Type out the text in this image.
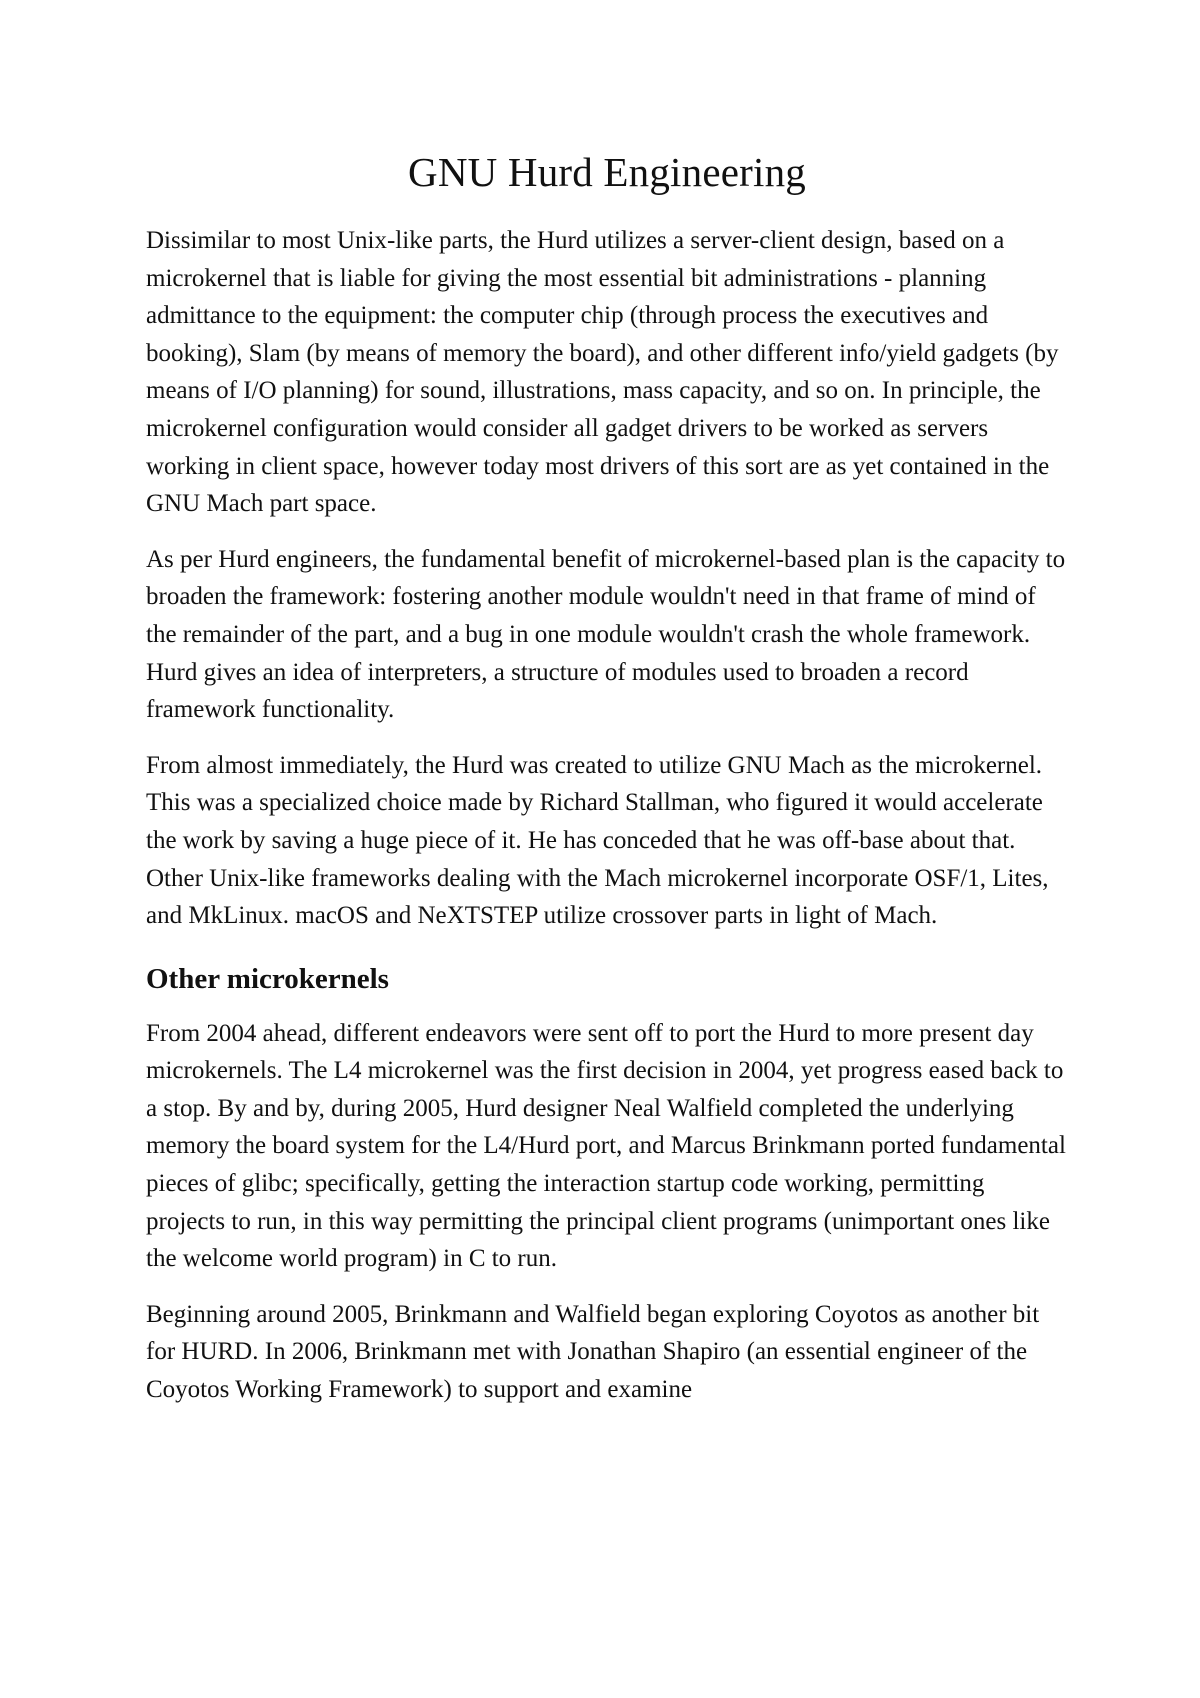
GNU Hurd Engineering

Dissimilar to most Unix-like parts, the Hurd utilizes a server-client design, based on a microkernel that is liable for giving the most essential bit administrations - planning admittance to the equipment: the computer chip (through process the executives and booking), Slam (by means of memory the board), and other different info/yield gadgets (by means of I/O planning) for sound, illustrations, mass capacity, and so on. In principle, the microkernel configuration would consider all gadget drivers to be worked as servers working in client space, however today most drivers of this sort are as yet contained in the GNU Mach part space.

As per Hurd engineers, the fundamental benefit of microkernel-based plan is the capacity to broaden the framework: fostering another module wouldn't need in that frame of mind of the remainder of the part, and a bug in one module wouldn't crash the whole framework. Hurd gives an idea of interpreters, a structure of modules used to broaden a record framework functionality.

From almost immediately, the Hurd was created to utilize GNU Mach as the microkernel. This was a specialized choice made by Richard Stallman, who figured it would accelerate the work by saving a huge piece of it. He has conceded that he was off-base about that. Other Unix-like frameworks dealing with the Mach microkernel incorporate OSF/1, Lites, and MkLinux. macOS and NeXTSTEP utilize crossover parts in light of Mach.

Other microkernels

From 2004 ahead, different endeavors were sent off to port the Hurd to more present day microkernels. The L4 microkernel was the first decision in 2004, yet progress eased back to a stop. By and by, during 2005, Hurd designer Neal Walfield completed the underlying memory the board system for the L4/Hurd port, and Marcus Brinkmann ported fundamental pieces of glibc; specifically, getting the interaction startup code working, permitting projects to run, in this way permitting the principal client programs (unimportant ones like the welcome world program) in C to run.

Beginning around 2005, Brinkmann and Walfield began exploring Coyotos as another bit for HURD. In 2006, Brinkmann met with Jonathan Shapiro (an essential engineer of the Coyotos Working Framework) to support and examine
